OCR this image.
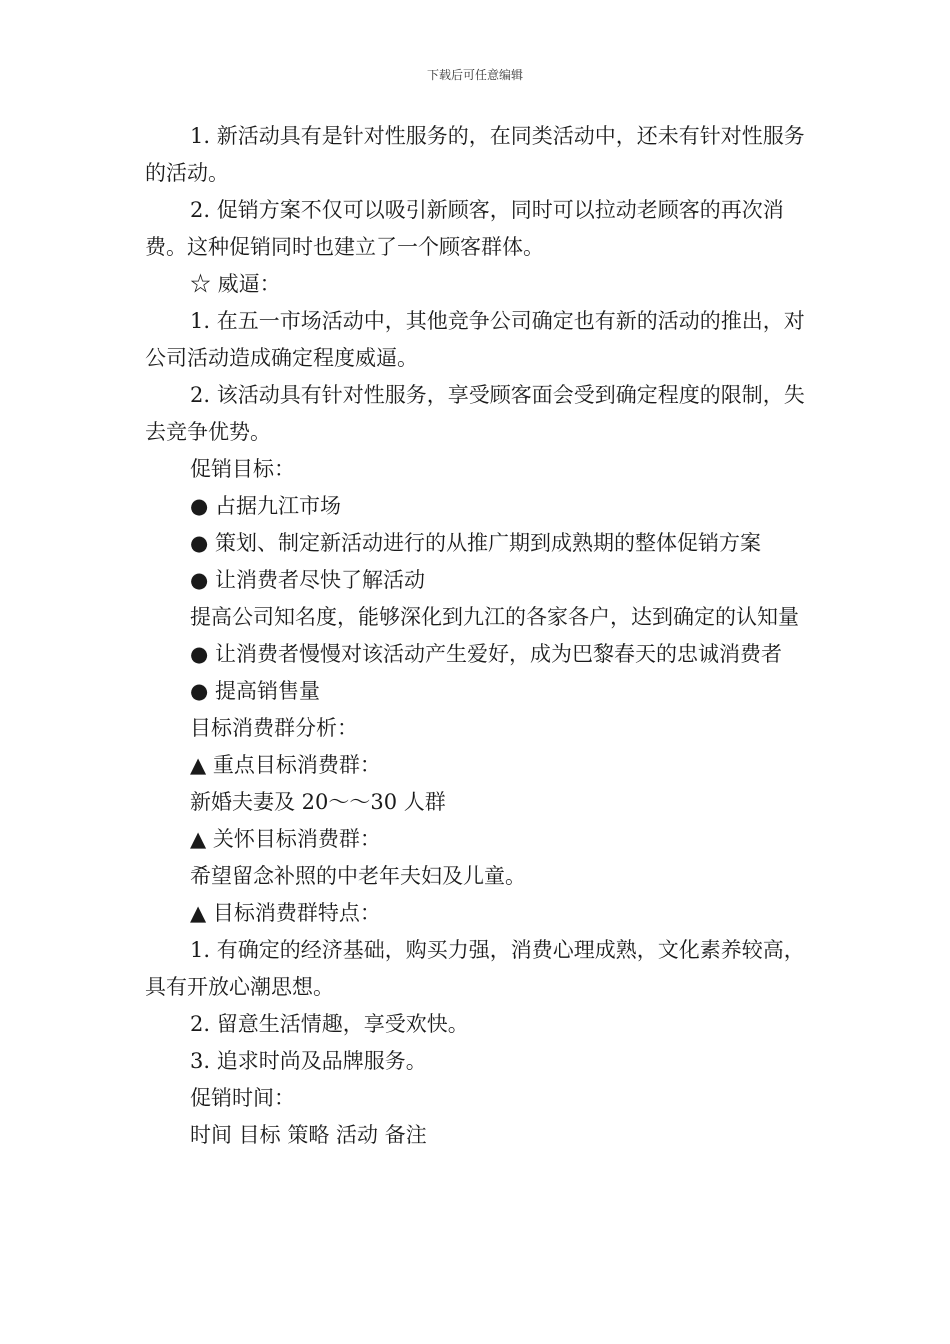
下载后可任意编辑

1. 新活动具有是针对性服务的，在同类活动中，还未有针对性服务的活动。

2. 促销方案不仅可以吸引新顾客，同时可以拉动老顾客的再次消费。这种促销同时也建立了一个顾客群体。

☆ 威逼：

1. 在五一市场活动中，其他竞争公司确定也有新的活动的推出，对公司活动造成确定程度威逼。

2. 该活动具有针对性服务，享受顾客面会受到确定程度的限制，失去竞争优势。

促销目标：

● 占据九江市场

● 策划、制定新活动进行的从推广期到成熟期的整体促销方案

● 让消费者尽快了解活动

提高公司知名度，能够深化到九江的各家各户，达到确定的认知量

● 让消费者慢慢对该活动产生爱好，成为巴黎春天的忠诚消费者

● 提高销售量

目标消费群分析：

▲ 重点目标消费群：

新婚夫妻及 20～～30 人群

▲ 关怀目标消费群：

希望留念补照的中老年夫妇及儿童。

▲ 目标消费群特点：

1. 有确定的经济基础，购买力强，消费心理成熟，文化素养较高，具有开放心潮思想。

2. 留意生活情趣，享受欢快。

3. 追求时尚及品牌服务。

促销时间：

时间 目标 策略 活动 备注
